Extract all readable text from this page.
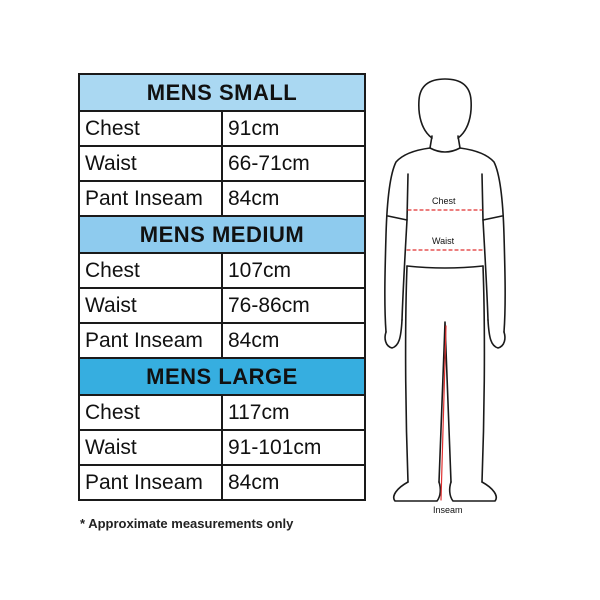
MENS SMALL	
Chest	91cm
Waist	66-71cm
Pant Inseam	84cm
MENS MEDIUM	
Chest	107cm
Waist	76-86cm
Pant Inseam	84cm
MENS LARGE	
Chest	117cm
Waist	91-101cm
Pant Inseam	84cm
* Approximate measurements only
Chest
Waist
Inseam
